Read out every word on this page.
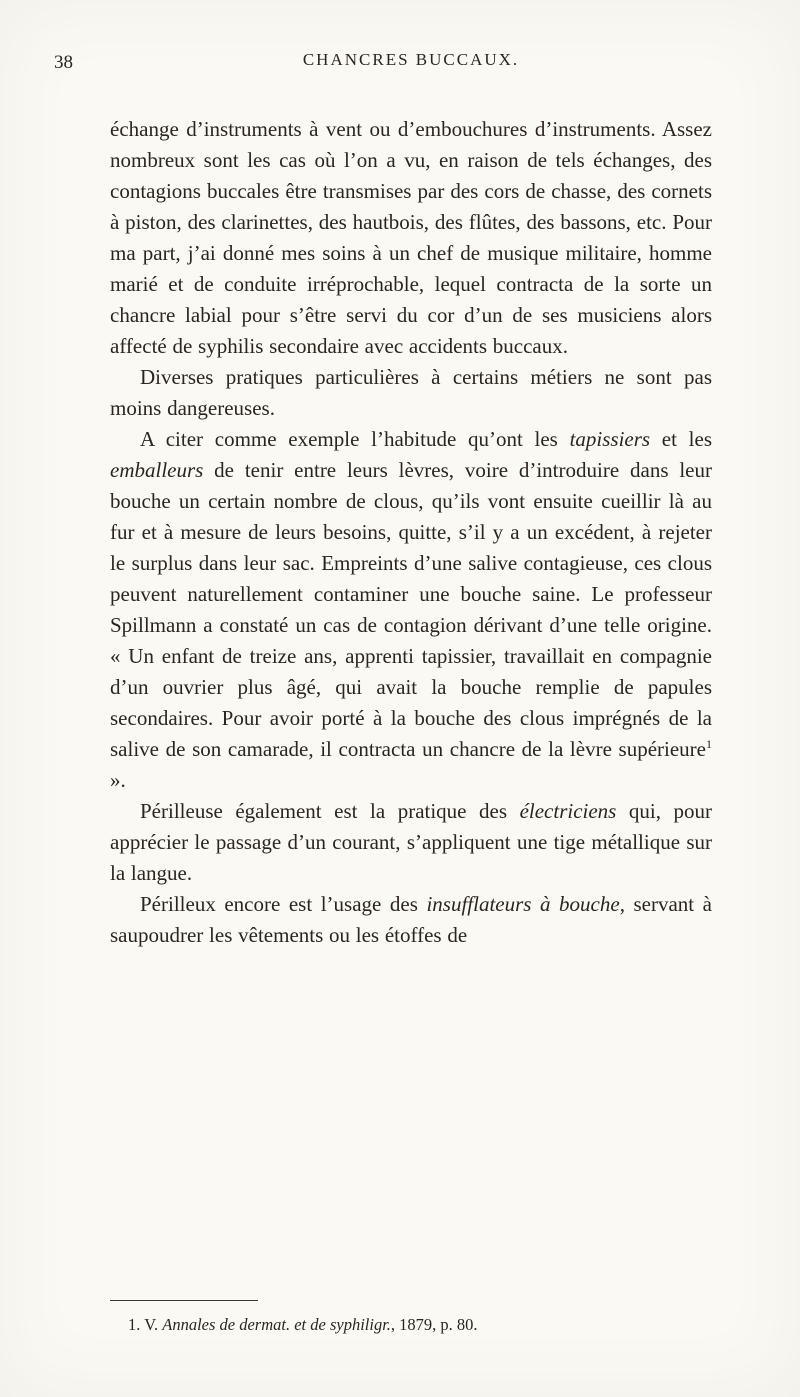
38	CHANCRES BUCCAUX.

échange d’instruments à vent ou d’embouchures d’instruments. Assez nombreux sont les cas où l’on a vu, en raison de tels échanges, des contagions buccales être transmises par des cors de chasse, des cornets à piston, des clarinettes, des hautbois, des flûtes, des bassons, etc. Pour ma part, j’ai donné mes soins à un chef de musique militaire, homme marié et de conduite irréprochable, lequel contracta de la sorte un chancre labial pour s’être servi du cor d’un de ses musiciens alors affecté de syphilis secondaire avec accidents buccaux.

Diverses pratiques particulières à certains métiers ne sont pas moins dangereuses.

A citer comme exemple l’habitude qu’ont les tapissiers et les emballeurs de tenir entre leurs lèvres, voire d’introduire dans leur bouche un certain nombre de clous, qu’ils vont ensuite cueillir là au fur et à mesure de leurs besoins, quitte, s’il y a un excédent, à rejeter le surplus dans leur sac. Empreints d’une salive contagieuse, ces clous peuvent naturellement contaminer une bouche saine. Le professeur Spillmann a constaté un cas de contagion dérivant d’une telle origine. « Un enfant de treize ans, apprenti tapissier, travaillait en compagnie d’un ouvrier plus âgé, qui avait la bouche remplie de papules secondaires. Pour avoir porté à la bouche des clous imprégnés de la salive de son camarade, il contracta un chancre de la lèvre supérieure$^1$ ».

Périlleuse également est la pratique des électriciens qui, pour apprécier le passage d’un courant, s’appliquent une tige métallique sur la langue.

Périlleux encore est l’usage des insufflateurs à bouche, servant à saupoudrer les vêtements ou les étoffes de

1. V. Annales de dermat. et de syphiligr., 1879, p. 80.
